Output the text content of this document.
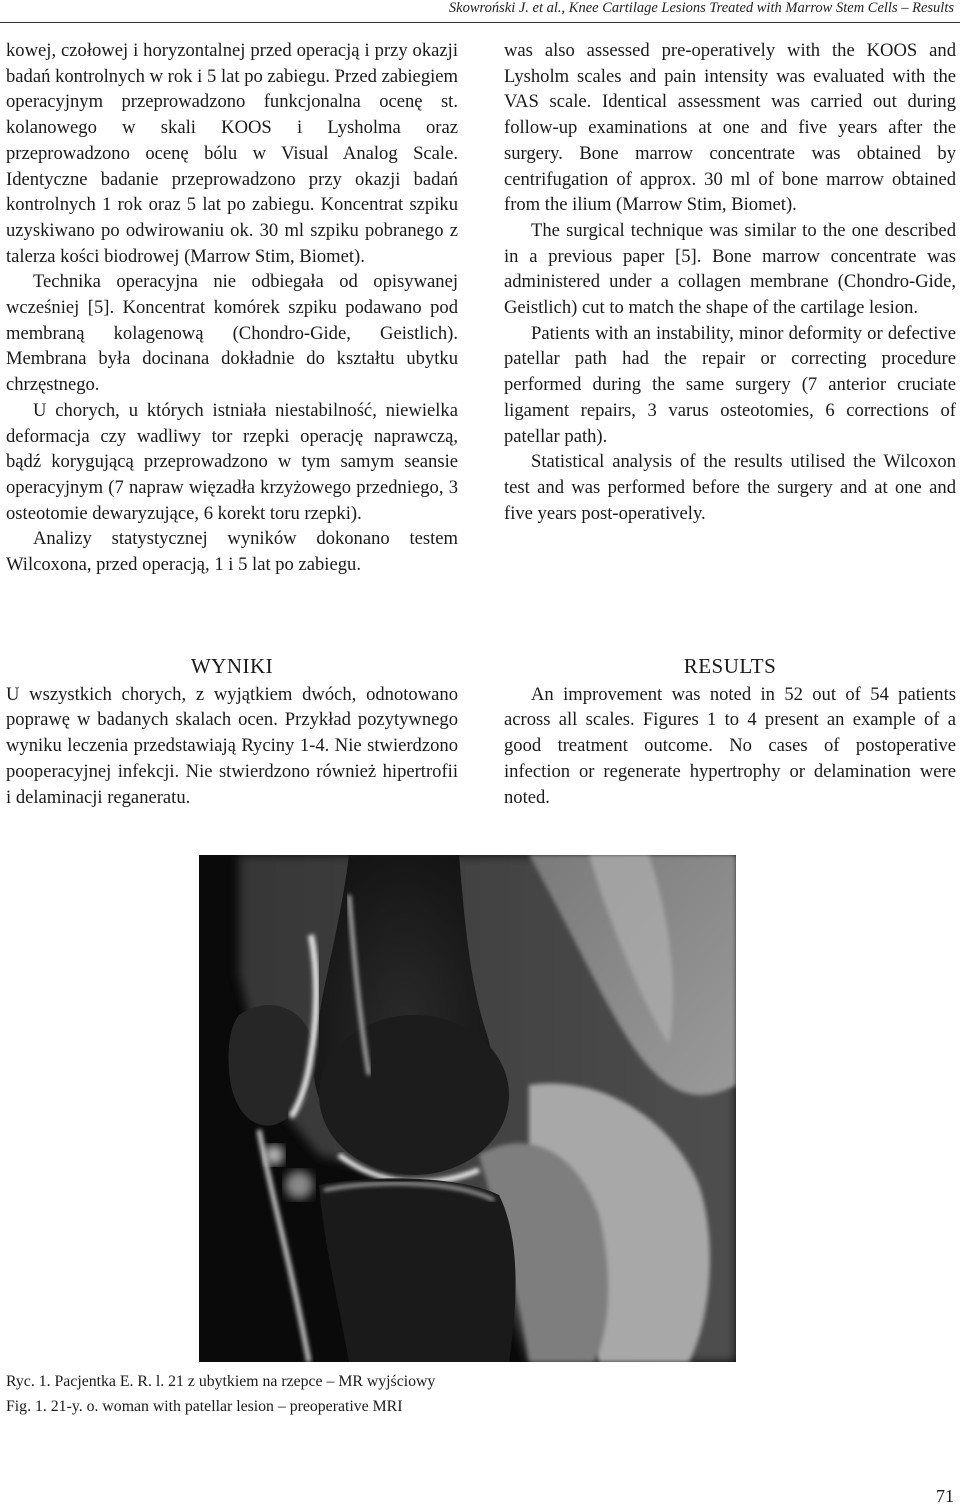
Skowroński J. et al., Knee Cartilage Lesions Treated with Marrow Stem Cells – Results

kowej, czołowej i horyzontalnej przed operacją i przy okazji badań kontrolnych w rok i 5 lat po zabiegu. Przed zabiegiem operacyjnym przeprowadzono funkcjonalna ocenę st. kolanowego w skali KOOS i Lysholma oraz przeprowadzono ocenę bólu w Visual Analog Scale. Identyczne badanie przeprowadzono przy okazji badań kontrolnych 1 rok oraz 5 lat po zabiegu. Koncentrat szpiku uzyskiwano po odwirowaniu ok. 30 ml szpiku pobranego z talerza kości biodrowej (Marrow Stim, Biomet).

Technika operacyjna nie odbiegała od opisywanej wcześniej [5]. Koncentrat komórek szpiku podawano pod membraną kolagenową (Chondro-Gide, Geistlich). Membrana była docinana dokładnie do kształtu ubytku chrzęstnego.

U chorych, u których istniała niestabilność, niewielka deformacja czy wadliwy tor rzepki operację naprawczą, bądź korygującą przeprowadzono w tym samym seansie operacyjnym (7 napraw więzadła krzyżowego przedniego, 3 osteotomie dewaryzujące, 6 korekt toru rzepki).

Analizy statystycznej wyników dokonano testem Wilcoxona, przed operacją, 1 i 5 lat po zabiegu.

was also assessed pre-operatively with the KOOS and Lysholm scales and pain intensity was evaluated with the VAS scale. Identical assessment was carried out during follow-up examinations at one and five years after the surgery. Bone marrow concentrate was obtained by centrifugation of approx. 30 ml of bone marrow obtained from the ilium (Marrow Stim, Biomet).

The surgical technique was similar to the one described in a previous paper [5]. Bone marrow concentrate was administered under a collagen membrane (Chondro-Gide, Geistlich) cut to match the shape of the cartilage lesion.

Patients with an instability, minor deformity or defective patellar path had the repair or correcting procedure performed during the same surgery (7 anterior cruciate ligament repairs, 3 varus osteotomies, 6 corrections of patellar path).

Statistical analysis of the results utilised the Wilcoxon test and was performed before the surgery and at one and five years post-operatively.

WYNIKI

U wszystkich chorych, z wyjątkiem dwóch, odnotowano poprawę w badanych skalach ocen. Przykład pozytywnego wyniku leczenia przedstawiają Ryciny 1-4. Nie stwierdzono pooperacyjnej infekcji. Nie stwierdzono również hipertrofii i delaminacji reganeratu.

RESULTS

An improvement was noted in 52 out of 54 patients across all scales. Figures 1 to 4 present an example of a good treatment outcome. No cases of postoperative infection or regenerate hypertrophy or delamination were noted.

Ryc. 1. Pacjentka E. R. l. 21 z ubytkiem na rzepce – MR wyjściowy
Fig. 1. 21-y. o. woman with patellar lesion – preoperative MRI
71
